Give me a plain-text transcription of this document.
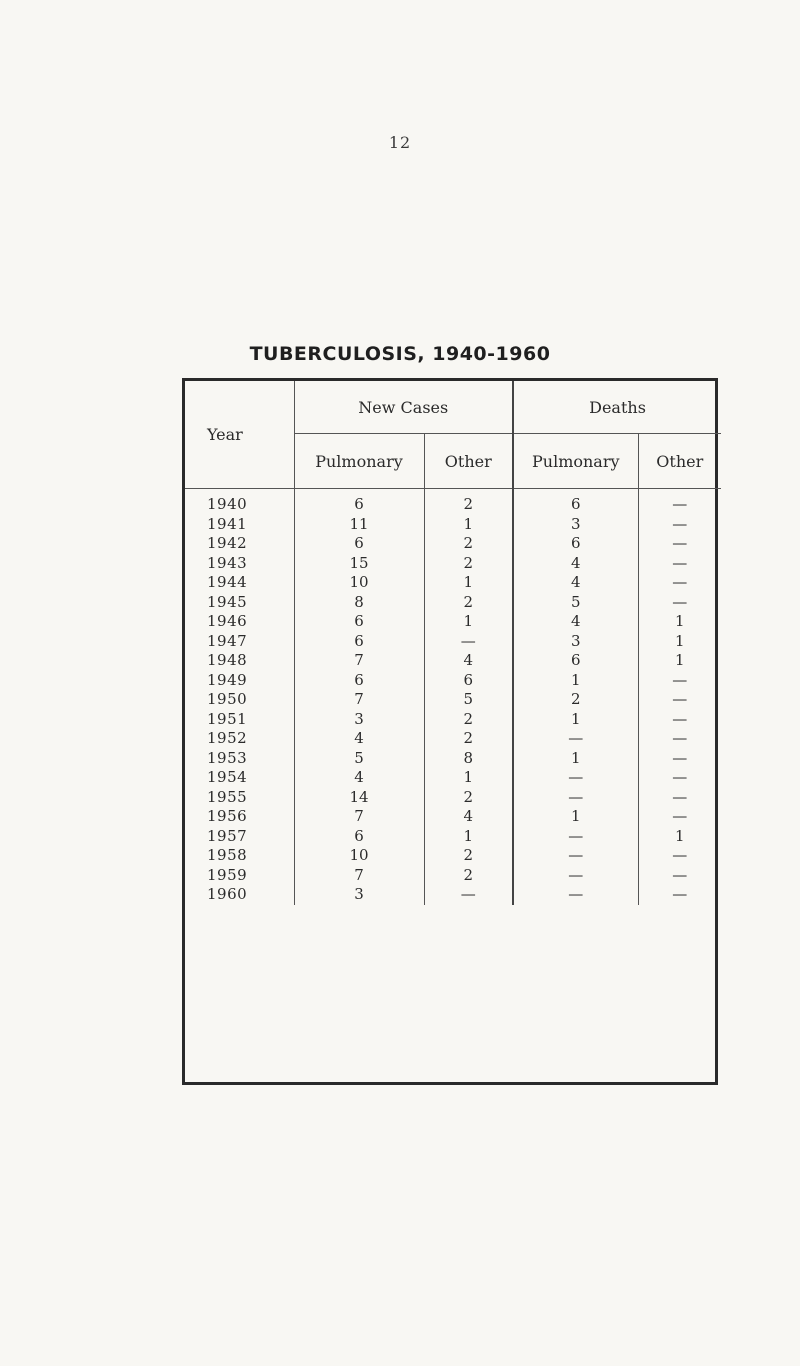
12
TUBERCULOSIS, 1940-1960
Year	New Cases		Deaths	
	Pulmonary	Other	Pulmonary	Other

1940	6	2	6	—
1941	11	1	3	—
1942	6	2	6	—
1943	15	2	4	—
1944	10	1	4	—
1945	8	2	5	—
1946	6	1	4	1
1947	6	—	3	1
1948	7	4	6	1
1949	6	6	1	—
1950	7	5	2	—
1951	3	2	1	—
1952	4	2	—	—
1953	5	8	1	—
1954	4	1	—	—
1955	14	2	—	—
1956	7	4	1	—
1957	6	1	—	1
1958	10	2	—	—
1959	7	2	—	—
1960	3	—	—	—
